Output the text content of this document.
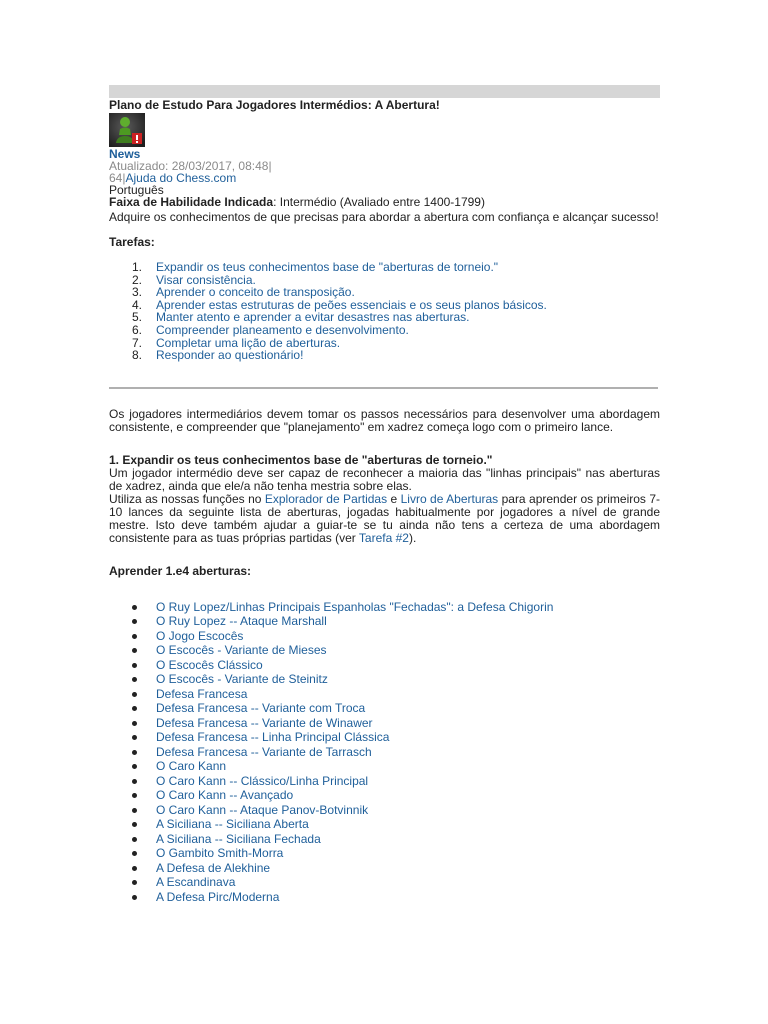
Plano de Estudo Para Jogadores Intermédios: A Abertura!
News
Atualizado: 28/03/2017, 08:48|
64|Ajuda do Chess.com
Português
Faixa de Habilidade Indicada: Intermédio (Avaliado entre 1400-1799)
Adquire os conhecimentos de que precisas para abordar a abertura com confiança e alcançar sucesso!
Tarefas:
1. Expandir os teus conhecimentos base de "aberturas de torneio."
2. Visar consistência.
3. Aprender o conceito de transposição.
4. Aprender estas estruturas de peões essenciais e os seus planos básicos.
5. Manter atento e aprender a evitar desastres nas aberturas.
6. Compreender planeamento e desenvolvimento.
7. Completar uma lição de aberturas.
8. Responder ao questionário!

Os jogadores intermediários devem tomar os passos necessários para desenvolver uma abordagem consistente, e compreender que "planejamento" em xadrez começa logo com o primeiro lance.

1. Expandir os teus conhecimentos base de "aberturas de torneio."

Um jogador intermédio deve ser capaz de reconhecer a maioria das "linhas principais" nas aberturas de xadrez, ainda que ele/a não tenha mestria sobre elas.

Utiliza as nossas funções no Explorador de Partidas e Livro de Aberturas para aprender os primeiros 7-10 lances da seguinte lista de aberturas, jogadas habitualmente por jogadores a nível de grande mestre. Isto deve também ajudar a guiar-te se tu ainda não tens a certeza de uma abordagem consistente para as tuas próprias partidas (ver Tarefa #2).

Aprender 1.e4 aberturas:
O Ruy Lopez/Linhas Principais Espanholas "Fechadas": a Defesa Chigorin
O Ruy Lopez -- Ataque Marshall
O Jogo Escocês
O Escocês - Variante de Mieses
O Escocês Clássico
O Escocês - Variante de Steinitz
Defesa Francesa
Defesa Francesa -- Variante com Troca
Defesa Francesa -- Variante de Winawer
Defesa Francesa -- Linha Principal Clássica
Defesa Francesa -- Variante de Tarrasch
O Caro Kann
O Caro Kann -- Clássico/Linha Principal
O Caro Kann -- Avançado
O Caro Kann -- Ataque Panov-Botvinnik
A Siciliana -- Siciliana Aberta
A Siciliana -- Siciliana Fechada
O Gambito Smith-Morra
A Defesa de Alekhine
A Escandinava
A Defesa Pirc/Moderna
